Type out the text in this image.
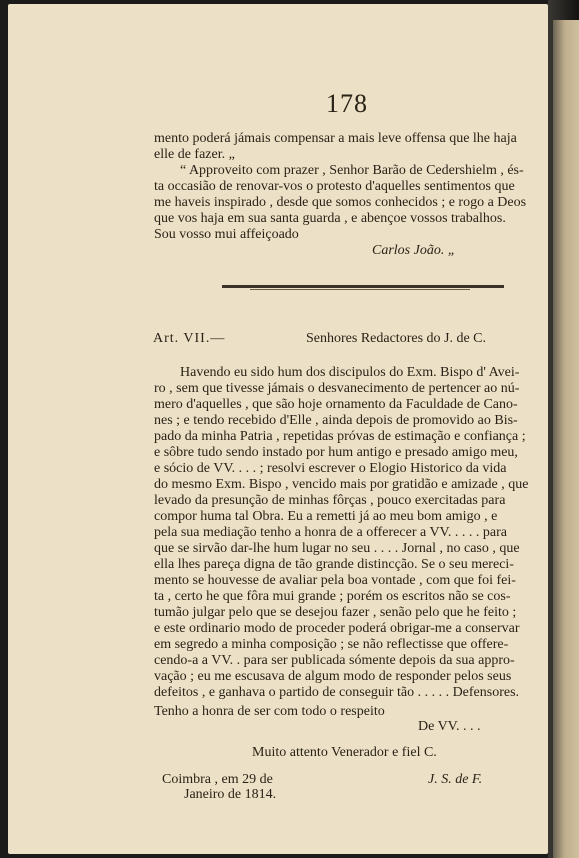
178
mento poderá jámais compensar a mais leve offensa que lhe haja
elle de fazer. „
“ Approveito com prazer , Senhor Barão de Cedershielm , és-
ta occasião de renovar-vos o protesto d'aquelles sentimentos que
me haveis inspirado , desde que somos conhecidos ; e rogo a Deos
que vos haja em sua santa guarda , e abençoe vossos trabalhos.
Sou vosso mui affeiçoado
Carlos João. „
Art. VII.—	Senhores Redactores do J. de C.
Havendo eu sido hum dos discipulos do Exm. Bispo d' Avei-
ro , sem que tivesse jámais o desvanecimento de pertencer ao nú-
mero d'aquelles , que são hoje ornamento da Faculdade de Cano-
nes ; e tendo recebido d'Elle , ainda depois de promovido ao Bis-
pado da minha Patria , repetidas próvas de estimação e confiança ;
e sôbre tudo sendo instado por hum antigo e presado amigo meu,
e sócio de VV. . . . ; resolvi escrever o Elogio Historico da vida
do mesmo Exm. Bispo , vencido mais por gratidão e amizade , que
levado da presunção de minhas fôrças , pouco exercitadas para
compor huma tal Obra. Eu a remetti já ao meu bom amigo , e
pela sua mediação tenho a honra de a offerecer a VV. . . . . para
que se sirvão dar-lhe hum lugar no seu . . . . Jornal , no caso , que
ella lhes pareça digna de tão grande distincção. Se o seu mereci-
mento se houvesse de avaliar pela boa vontade , com que foi fei-
ta , certo he que fôra mui grande ; porém os escritos não se cos-
tumão julgar pelo que se desejou fazer , senão pelo que he feito ;
e este ordinario modo de proceder poderá obrigar-me a conservar
em segredo a minha composição ; se não reflectisse que offere-
cendo-a a VV. . para ser publicada sómente depois da sua appro-
vação ; eu me escusava de algum modo de responder pelos seus
defeitos , e ganhava o partido de conseguir tão . . . . . Defensores.
Tenho a honra de ser com todo o respeito
De VV. . . .
Muito attento Venerador e fiel C.
Coimbra , em 29 de
Janeiro de 1814.
J. S. de F.
